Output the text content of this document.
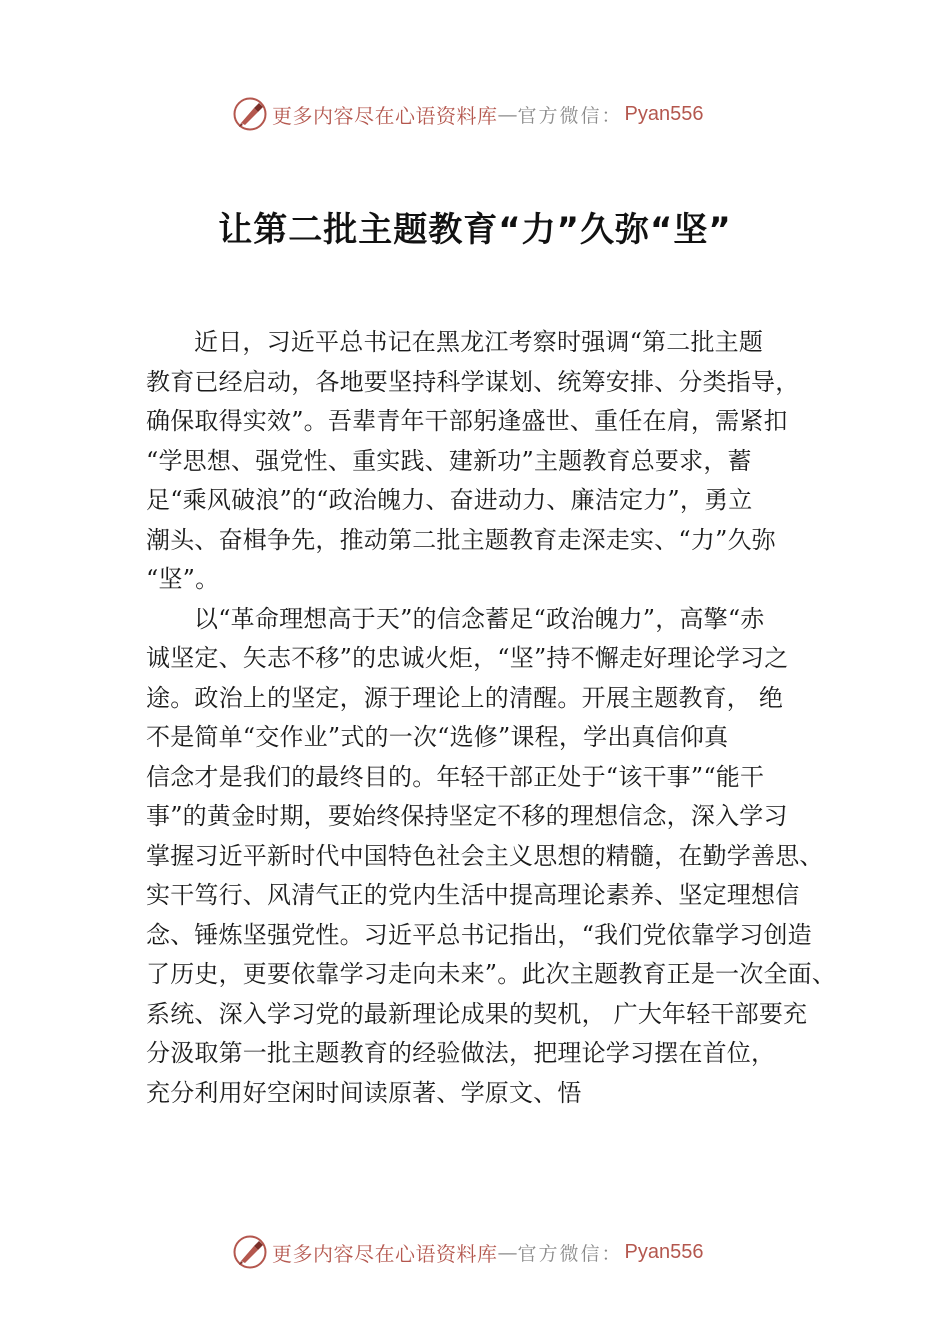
更多内容尽在心语资料库 — 官方微信： Pyan556
让第二批主题教育“力”久弥“坚”
近日，习近平总书记在黑龙江考察时强调“第二批主题
教育已经启动，各地要坚持科学谋划、统筹安排、分类指导，
确保取得实效”。吾辈青年干部躬逢盛世、重任在肩，需紧扣
“学思想、强党性、重实践、建新功”主题教育总要求，蓄
足“乘风破浪”的“政治魄力、奋进动力、廉洁定力”，勇立
潮头、奋楫争先，推动第二批主题教育走深走实、“力”久弥
“坚”。
以“革命理想高于天”的信念蓄足“政治魄力”，高擎“赤
诚坚定、矢志不移”的忠诚火炬，“坚”持不懈走好理论学习之
途。政治上的坚定，源于理论上的清醒。开展主题教育， 绝
不是简单“交作业”式的一次“选修”课程，学出真信仰真
信念才是我们的最终目的。年轻干部正处于“该干事”“能干
事”的黄金时期，要始终保持坚定不移的理想信念，深入学习
掌握习近平新时代中国特色社会主义思想的精髓，在勤学善思、
实干笃行、风清气正的党内生活中提高理论素养、坚定理想信
念、锤炼坚强党性。习近平总书记指出，“我们党依靠学习创造
了历史，更要依靠学习走向未来”。此次主题教育正是一次全面、
系统、深入学习党的最新理论成果的契机， 广大年轻干部要充
分汲取第一批主题教育的经验做法，把理论学习摆在首位，
充分利用好空闲时间读原著、学原文、悟
更多内容尽在心语资料库 — 官方微信： Pyan556
